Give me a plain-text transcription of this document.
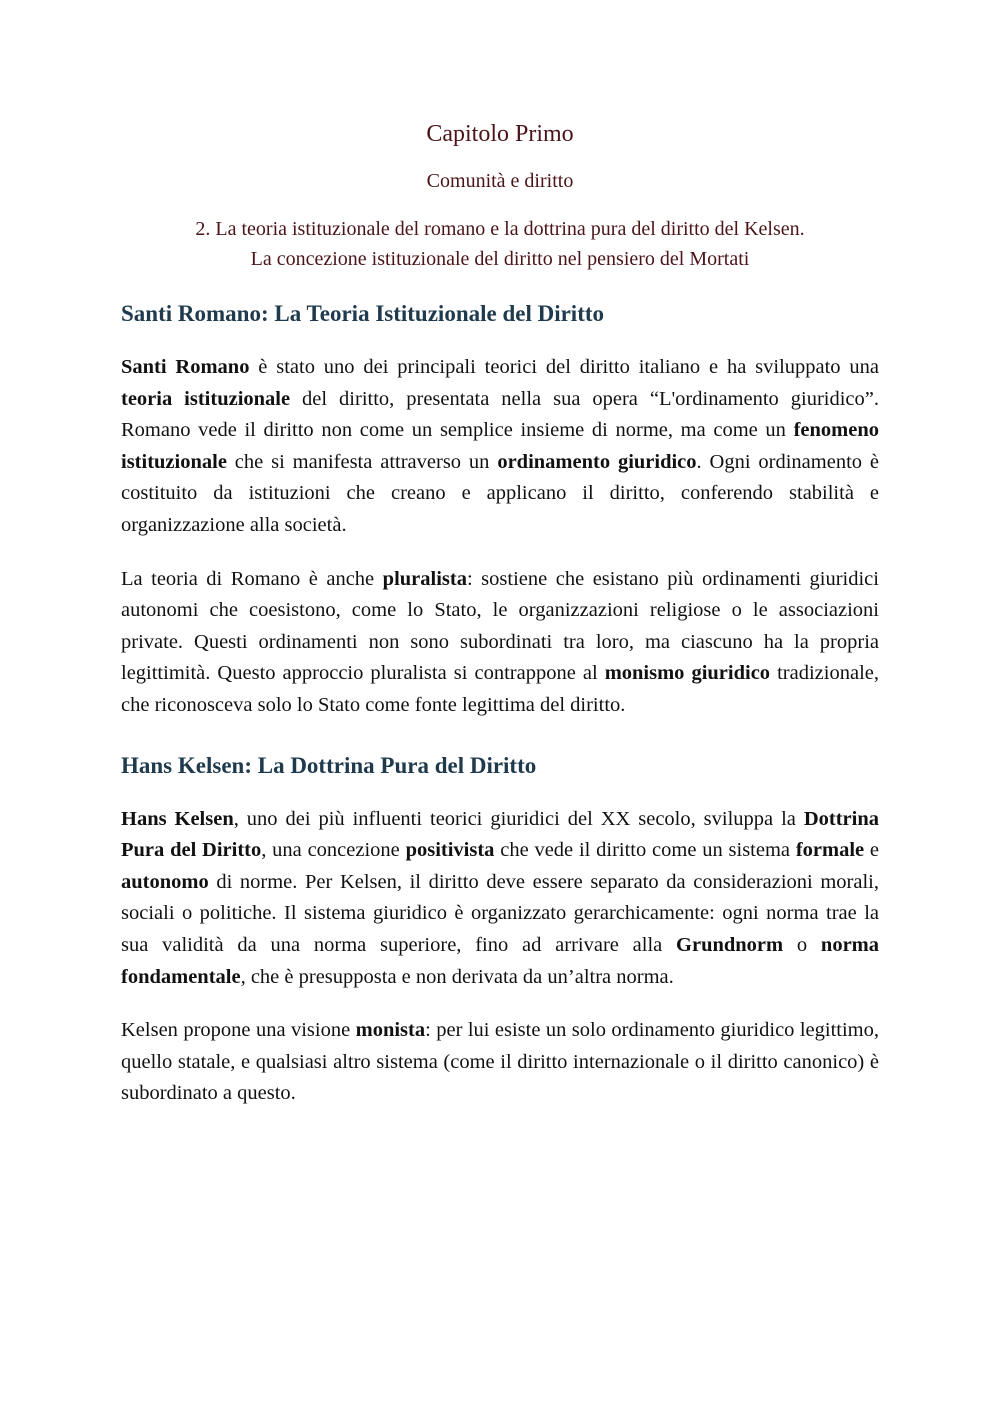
Capitolo Primo
Comunità e diritto
2. La teoria istituzionale del romano e la dottrina pura del diritto del Kelsen.
La concezione istituzionale del diritto nel pensiero del Mortati
Santi Romano: La Teoria Istituzionale del Diritto

Santi Romano è stato uno dei principali teorici del diritto italiano e ha sviluppato una teoria istituzionale del diritto, presentata nella sua opera “L'ordinamento giuridico”. Romano vede il diritto non come un semplice insieme di norme, ma come un fenomeno istituzionale che si manifesta attraverso un ordinamento giuridico. Ogni ordinamento è costituito da istituzioni che creano e applicano il diritto, conferendo stabilità e organizzazione alla società.

La teoria di Romano è anche pluralista: sostiene che esistano più ordinamenti giuridici autonomi che coesistono, come lo Stato, le organizzazioni religiose o le associazioni private. Questi ordinamenti non sono subordinati tra loro, ma ciascuno ha la propria legittimità. Questo approccio pluralista si contrappone al monismo giuridico tradizionale, che riconosceva solo lo Stato come fonte legittima del diritto.

Hans Kelsen: La Dottrina Pura del Diritto

Hans Kelsen, uno dei più influenti teorici giuridici del XX secolo, sviluppa la Dottrina Pura del Diritto, una concezione positivista che vede il diritto come un sistema formale e autonomo di norme. Per Kelsen, il diritto deve essere separato da considerazioni morali, sociali o politiche. Il sistema giuridico è organizzato gerarchicamente: ogni norma trae la sua validità da una norma superiore, fino ad arrivare alla Grundnorm o norma fondamentale, che è presupposta e non derivata da un’altra norma.

Kelsen propone una visione monista: per lui esiste un solo ordinamento giuridico legittimo, quello statale, e qualsiasi altro sistema (come il diritto internazionale o il diritto canonico) è subordinato a questo.
